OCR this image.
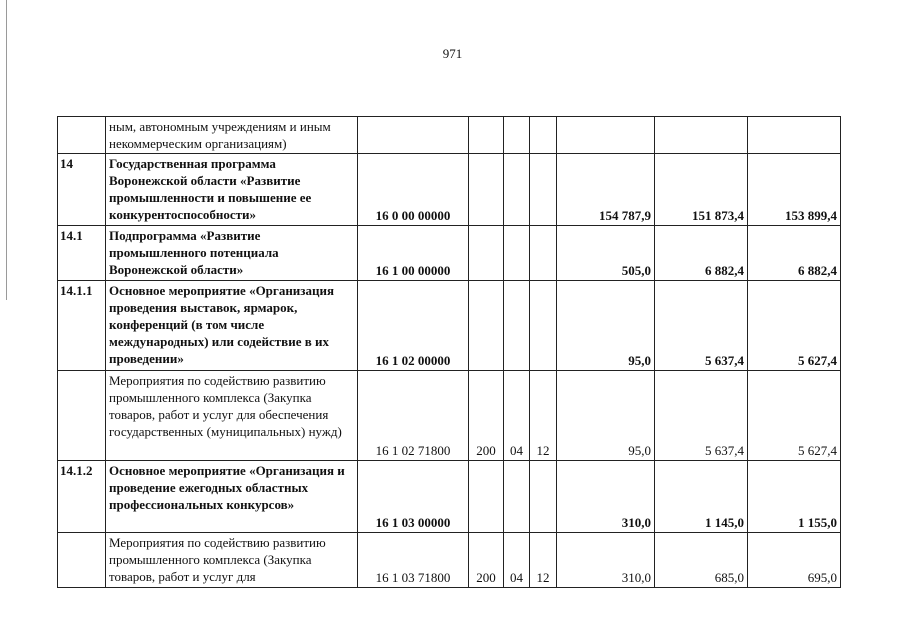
971
	ным, автономным учреждениям и иным некоммерческим организациям)							
14	Государственная программа Воронежской области «Развитие промышленности и повышение ее конкурентоспособности»	16 0 00 00000				154 787,9	151 873,4	153 899,4
14.1	Подпрограмма «Развитие промышленного потенциала Воронежской области»	16 1 00 00000				505,0	6 882,4	6 882,4
14.1.1	Основное мероприятие «Организация проведения выставок, ярмарок, конференций (в том числе международных) или содействие в их проведении»	16 1 02 00000				95,0	5 637,4	5 627,4
	Мероприятия по содействию развитию промышленного комплекса (Закупка товаров, работ и услуг для обеспечения государственных (муниципальных) нужд)	16 1 02 71800	200	04	12	95,0	5 637,4	5 627,4
14.1.2	Основное мероприятие «Организация и проведение ежегодных областных профессиональных конкурсов»	16 1 03 00000				310,0	1 145,0	1 155,0
	Мероприятия по содействию развитию промышленного комплекса (Закупка товаров, работ и услуг для	16 1 03 71800	200	04	12	310,0	685,0	695,0
